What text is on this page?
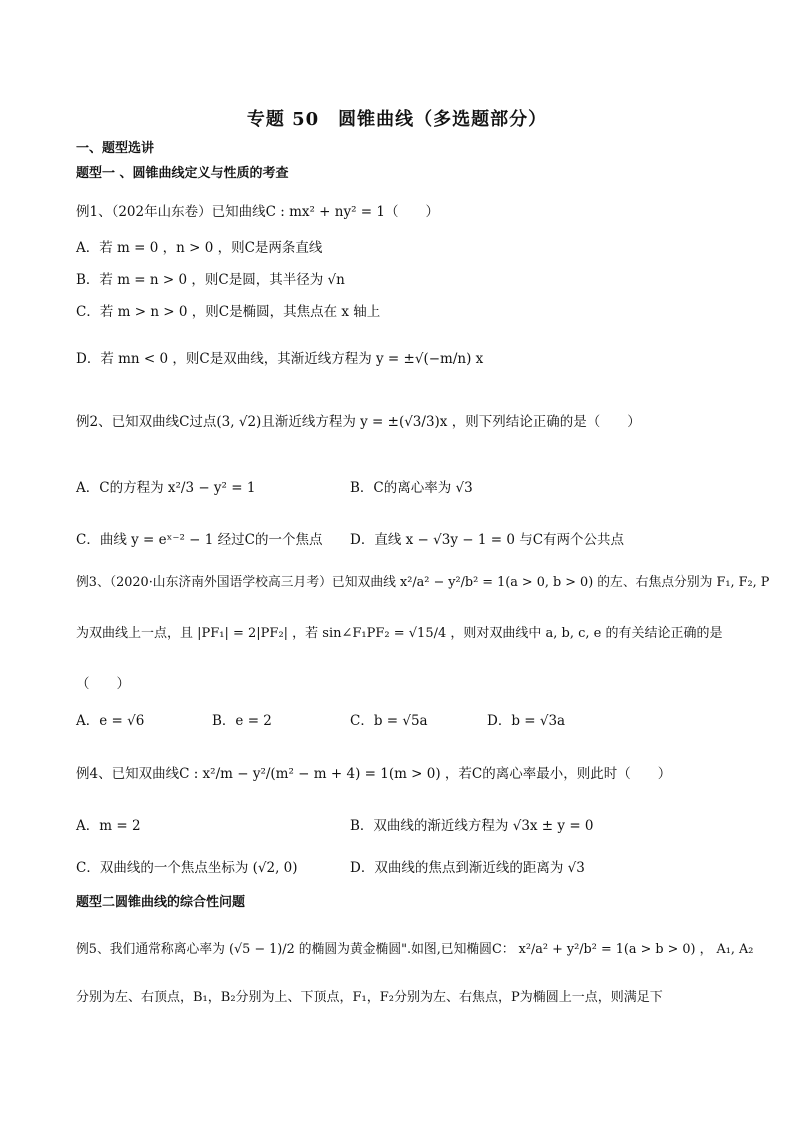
专题 50　圆锥曲线（多选题部分）
一、题型选讲
题型一 、圆锥曲线定义与性质的考查
例1、（202年山东卷）已知曲线C : mx² + ny² = 1（　　）
A．若 m = 0 ，n > 0 ，则C是两条直线
B．若 m = n > 0 ，则C是圆，其半径为 √n
C．若 m > n > 0 ，则C是椭圆，其焦点在 x 轴上
D．若 mn < 0 ，则C是双曲线，其渐近线方程为 y = ±√(−m/n) x
例2、已知双曲线C过点(3, √2)且渐近线方程为 y = ±(√3/3)x ，则下列结论正确的是（　　）
A．C的方程为 x²/3 − y² = 1	B．C的离心率为 √3
C．曲线 y = eˣ⁻² − 1 经过C的一个焦点	D．直线 x − √3y − 1 = 0 与C有两个公共点
例3、（2020·山东济南外国语学校高三月考）已知双曲线 x²/a² − y²/b² = 1(a > 0, b > 0) 的左、右焦点分别为 F₁, F₂, P
为双曲线上一点，且 |PF₁| = 2|PF₂| ，若 sin∠F₁PF₂ = √15/4 ，则对双曲线中 a, b, c, e 的有关结论正确的是
（　　）
A．e = √6	B．e = 2	C．b = √5a	D．b = √3a
例4、已知双曲线C : x²/m − y²/(m² − m + 4) = 1(m > 0) ，若C的离心率最小，则此时（　　）
A．m = 2	B．双曲线的渐近线方程为 √3x ± y = 0
C．双曲线的一个焦点坐标为 (√2, 0)	D．双曲线的焦点到渐近线的距离为 √3
题型二圆锥曲线的综合性问题
例5、我们通常称离心率为 (√5 − 1)/2 的椭圆为黄金椭圆".如图,已知椭圆C： x²/a² + y²/b² = 1(a > b > 0) ， A₁, A₂
分别为左、右顶点，B₁，B₂分别为上、下顶点，F₁，F₂分别为左、右焦点，P为椭圆上一点，则满足下
